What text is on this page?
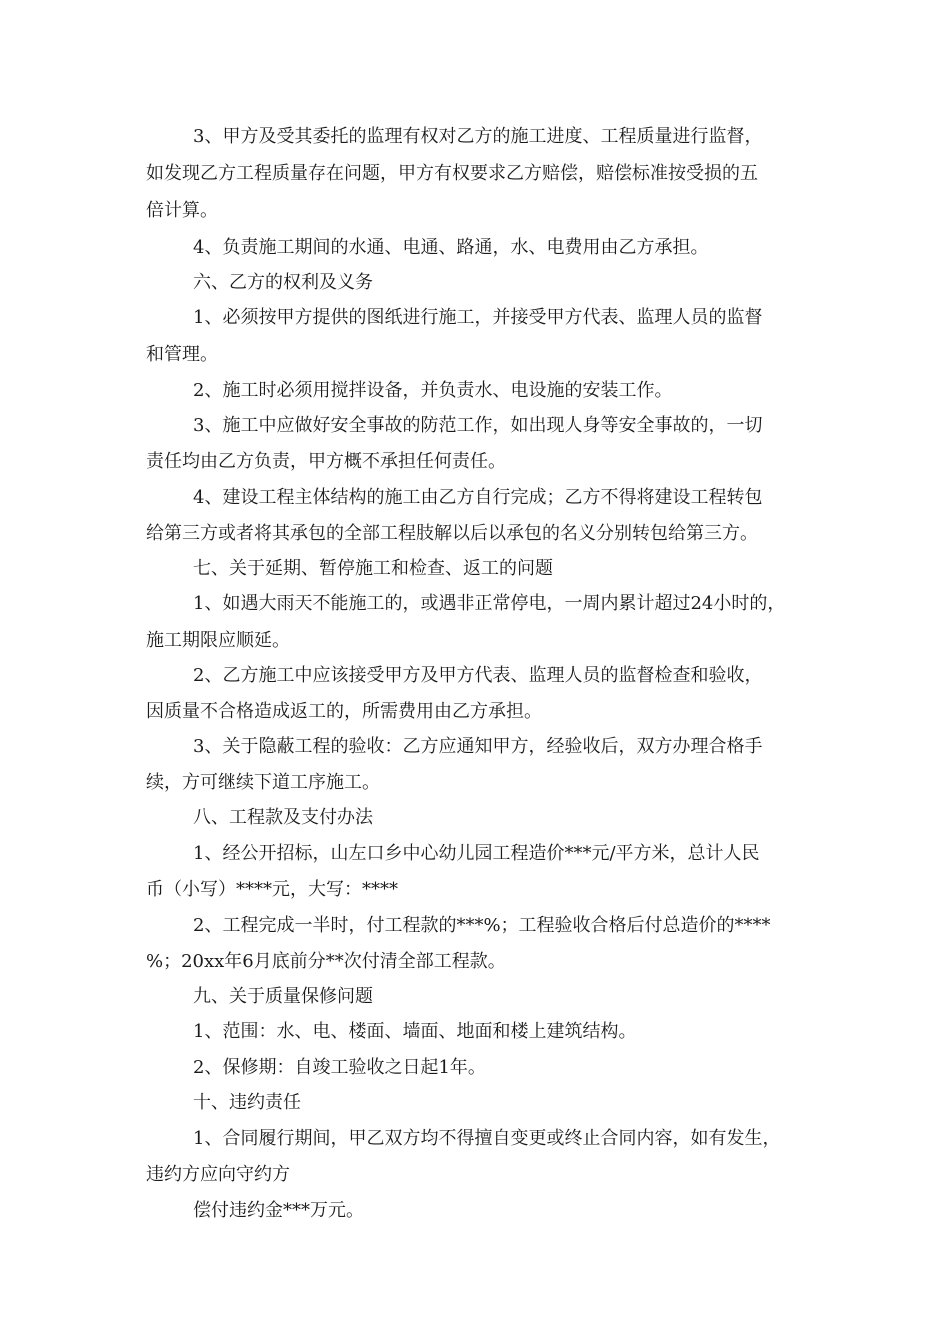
3、甲方及受其委托的监理有权对乙方的施工进度、工程质量进行监督，
如发现乙方工程质量存在问题，甲方有权要求乙方赔偿，赔偿标准按受损的五
倍计算。
4、负责施工期间的水通、电通、路通，水、电费用由乙方承担。
六、乙方的权利及义务
1、必须按甲方提供的图纸进行施工，并接受甲方代表、监理人员的监督
和管理。
2、施工时必须用搅拌设备，并负责水、电设施的安装工作。
3、施工中应做好安全事故的防范工作，如出现人身等安全事故的，一切
责任均由乙方负责，甲方概不承担任何责任。
4、建设工程主体结构的施工由乙方自行完成；乙方不得将建设工程转包
给第三方或者将其承包的全部工程肢解以后以承包的名义分别转包给第三方。
七、关于延期、暂停施工和检查、返工的问题
1、如遇大雨天不能施工的，或遇非正常停电，一周内累计超过24小时的，
施工期限应顺延。
2、乙方施工中应该接受甲方及甲方代表、监理人员的监督检查和验收，
因质量不合格造成返工的，所需费用由乙方承担。
3、关于隐蔽工程的验收：乙方应通知甲方，经验收后，双方办理合格手
续，方可继续下道工序施工。
八、工程款及支付办法
1、经公开招标，山左口乡中心幼儿园工程造价***元/平方米，总计人民
币（小写）****元，大写：****
2、工程完成一半时，付工程款的***%；工程验收合格后付总造价的****
%；20xx年6月底前分**次付清全部工程款。
九、关于质量保修问题
1、范围：水、电、楼面、墙面、地面和楼上建筑结构。
2、保修期：自竣工验收之日起1年。
十、违约责任
1、合同履行期间，甲乙双方均不得擅自变更或终止合同内容，如有发生，
违约方应向守约方
偿付违约金***万元。
